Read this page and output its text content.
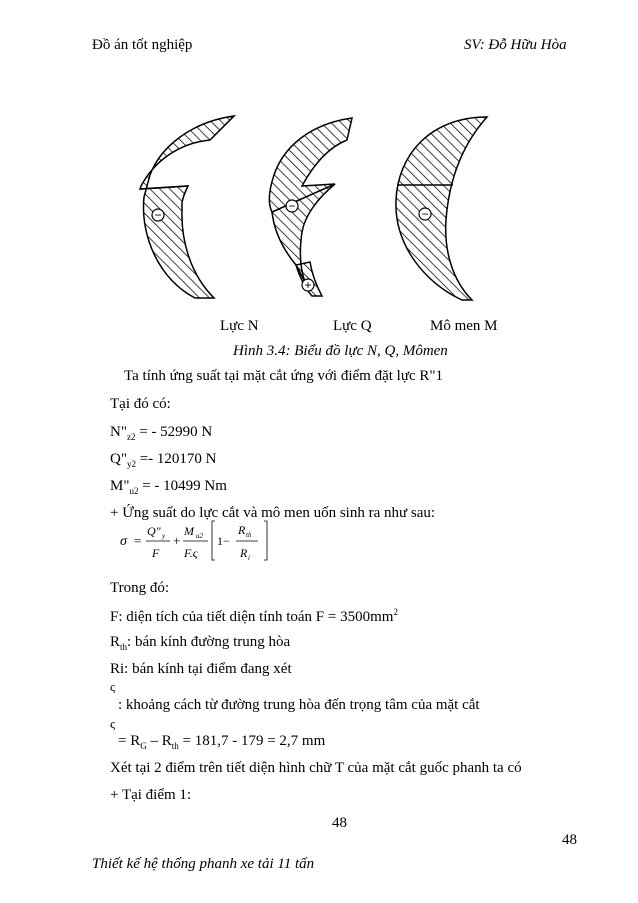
Đồ án tốt nghiệp	SV: Đỗ Hữu Hòa
−
−
+
−
Lực N	Lực Q	Mô men M
Hình 3.4: Biểu đồ lực N, Q, Mômen
Ta tính ứng suất tại mặt cắt ứng với điểm đặt lực R"1
Tại đó có:
$N"_{z2}$ = - 52990 N
$Q"_{y2} =- 120170$ N
$M"_{u2}$ = - 10499 Nm
+ Ứng suất do lực cắt và mô men uốn sinh ra như sau:
σ =
Q" y
F
+
M u2
F.ς
1−
R th
R i
Trong đó:
F: diện tích của tiết diện tính toán $F = 3500mm^2$
$R_{th}$: bán kính đường trung hòa
Ri: bán kính tại điểm đang xét
ς
: khoảng cách từ đường trung hòa đến trọng tâm của mặt cắt
ς
= $R_G - R_{th} = 181,7 - 179 = 2,7$ mm
Xét tại 2 điểm trên tiết diện hình chữ T của mặt cắt guốc phanh ta có
+ Tại điểm 1:
48
48
Thiết kế hệ thống phanh xe tải 11 tấn
